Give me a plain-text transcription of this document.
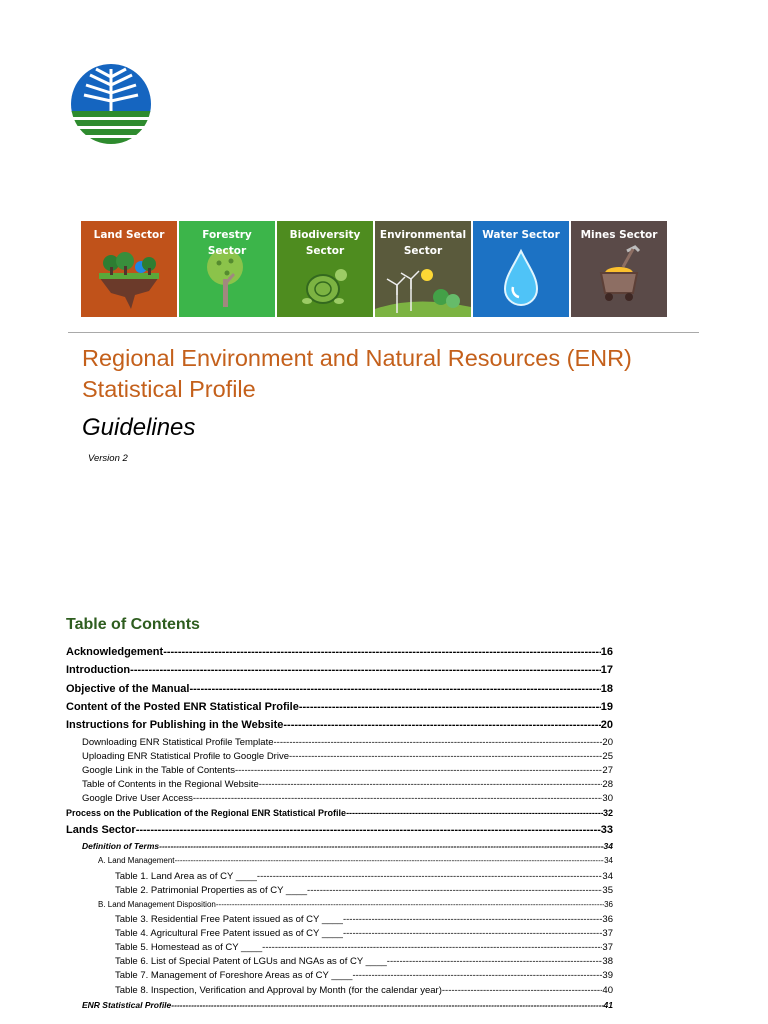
Land Sector	Forestry Sector
Biodiversity Sector
Environmental Sector
Water Sector	Mines Sector
Regional Environment and Natural Resources (ENR) Statistical Profile
Guidelines
Version 2
Table of Contents
Acknowledgement -----	16
Introduction -----	17
Objective of the Manual -----	18
Content of the Posted ENR Statistical Profile -----	19
Instructions for Publishing in the Website -----	20
Downloading ENR Statistical Profile Template -----	20
Uploading ENR Statistical Profile to Google Drive -----	25
Google Link in the Table of Contents -----	27
Table of Contents in the Regional Website -----	28
Google Drive User Access -----	30
Process on the Publication of the Regional ENR Statistical Profile -----	32
Lands Sector -----	33
Definition of Terms -----	34
A. Land Management -----	34
Table 1. Land Area as of CY ____ -----	34
Table 2. Patrimonial Properties as of CY ____ -----	35
B. Land Management Disposition -----	36
Table 3. Residential Free Patent issued as of CY ____ -----	36
Table 4. Agricultural Free Patent issued as of CY ____ -----	37
Table 5. Homestead as of CY ____ -----	37
Table 6. List of Special Patent of LGUs and NGAs as of CY ____ -----	38
Table 7. Management of Foreshore Areas as of CY ____ -----	39
Table 8. Inspection, Verification and Approval by Month (for the calendar year) -----	40
ENR Statistical Profile -----	41
